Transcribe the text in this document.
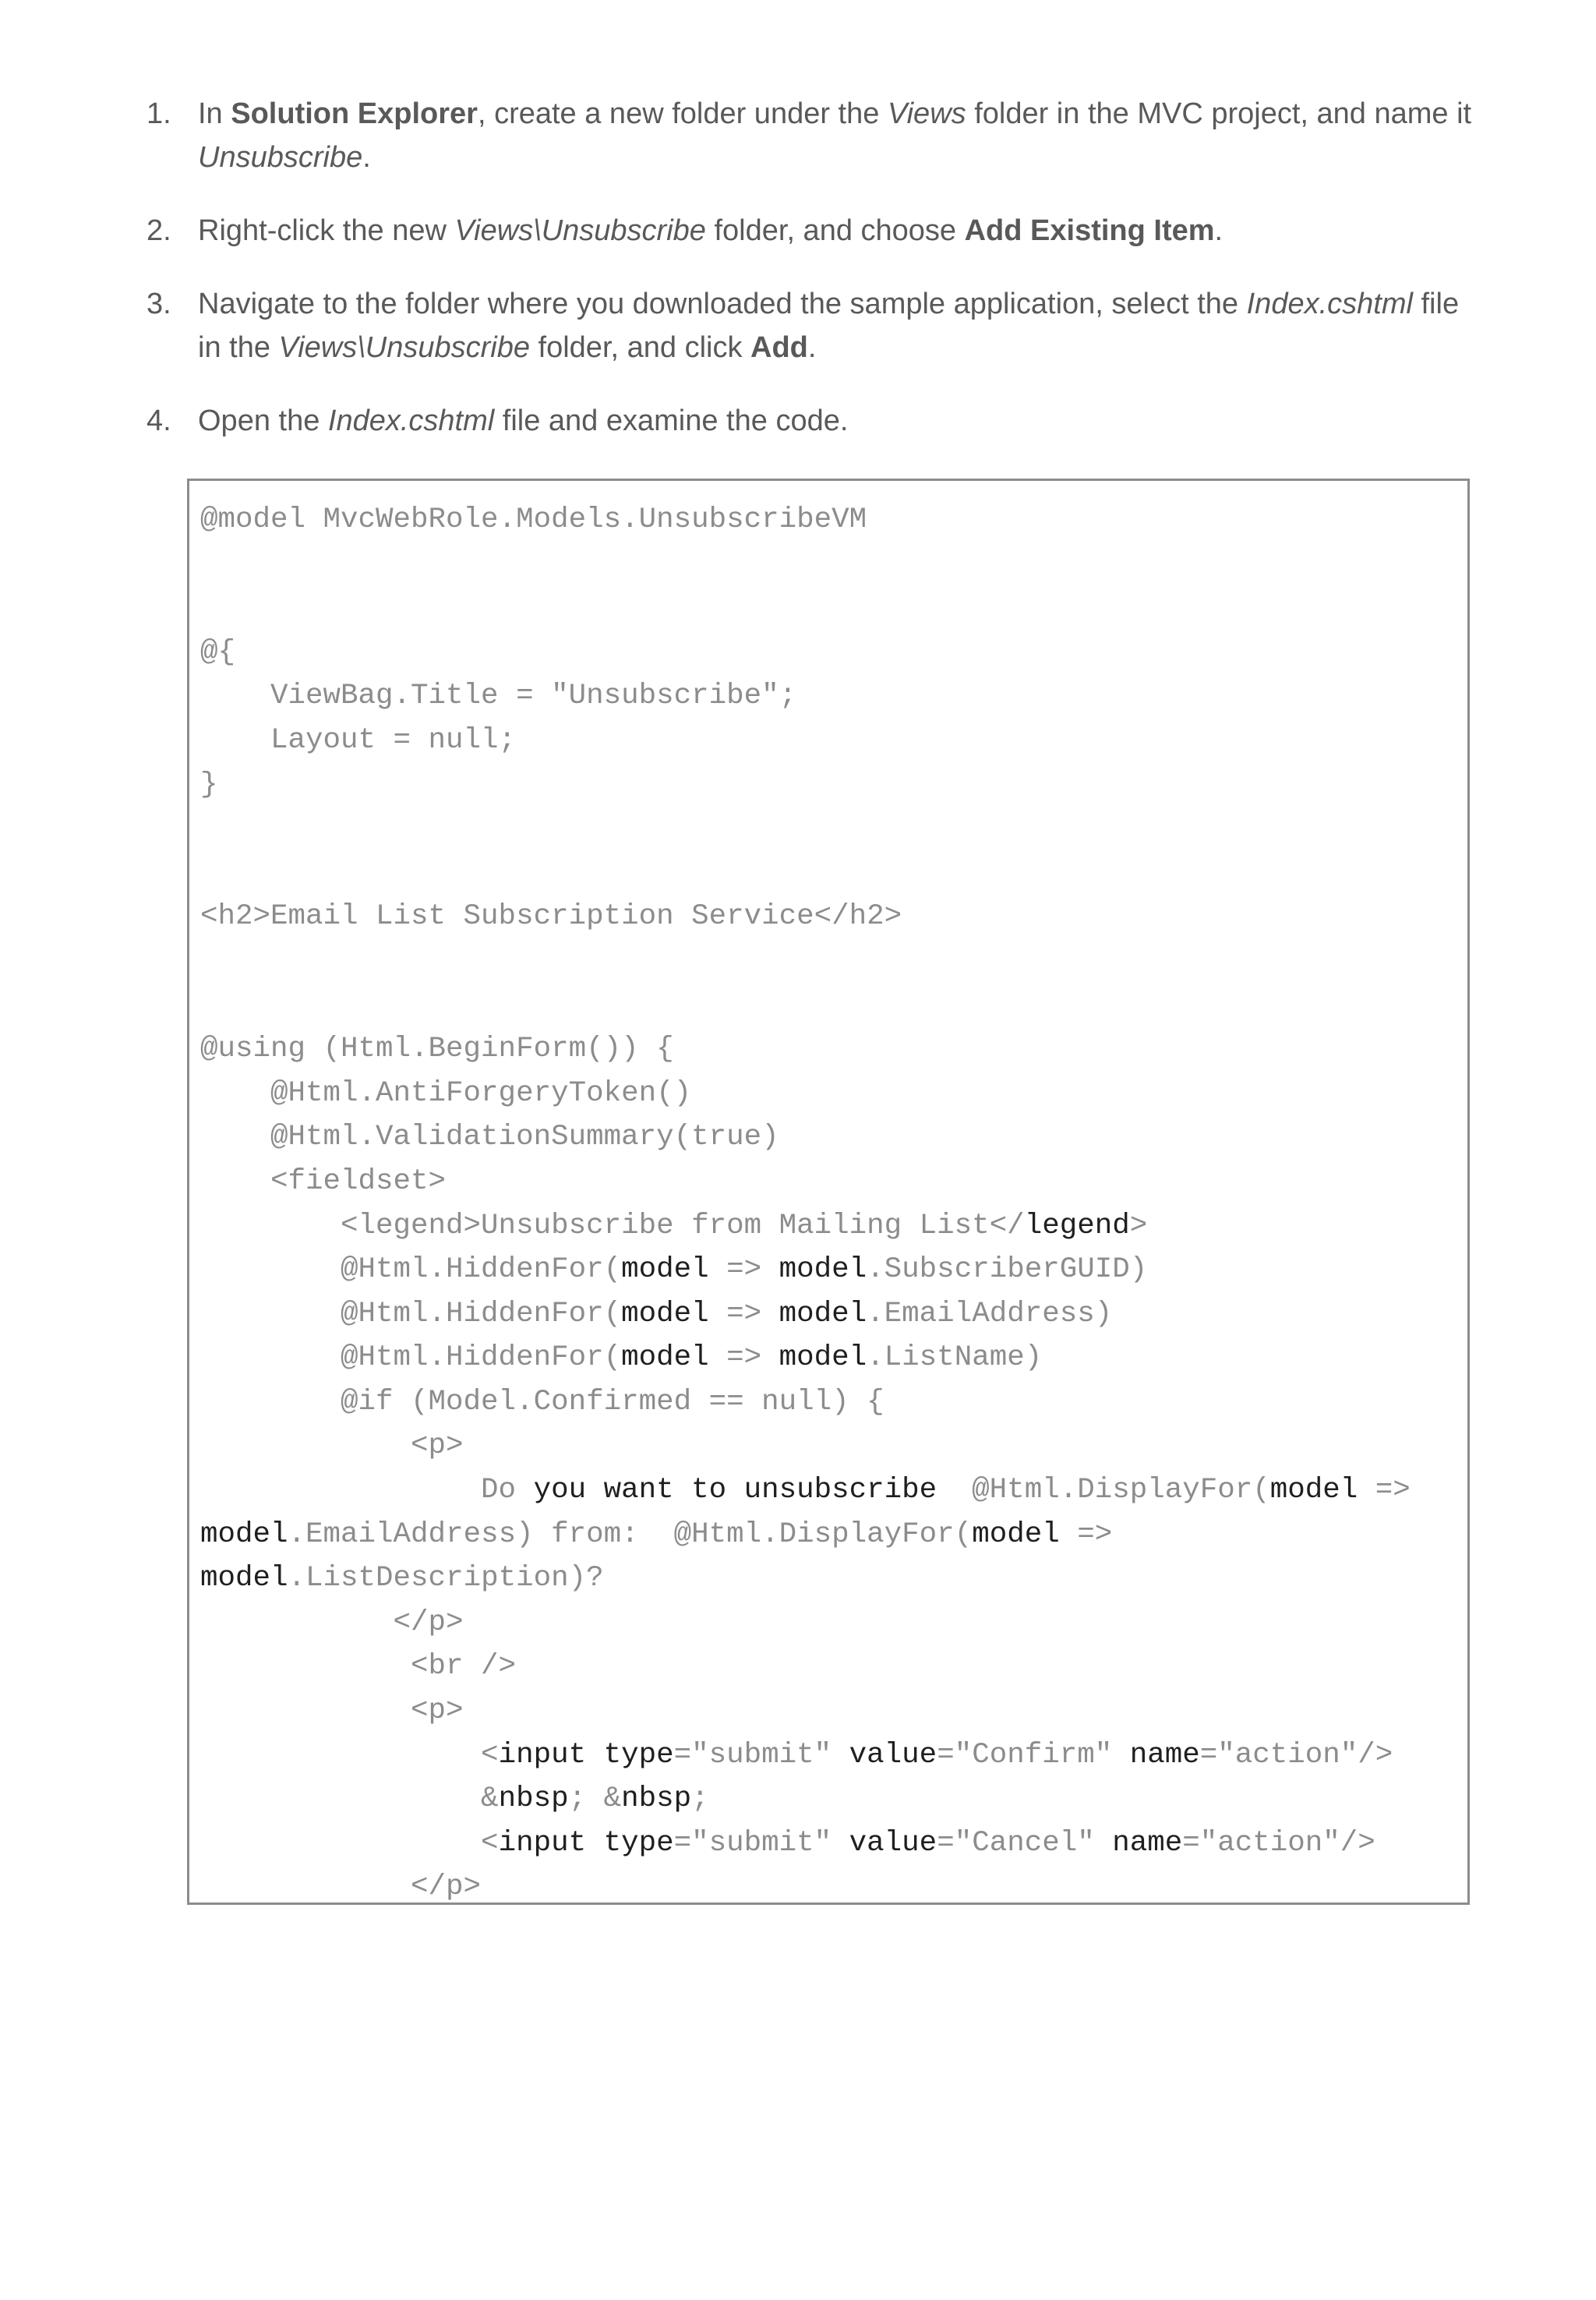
1. In Solution Explorer, create a new folder under the Views folder in the MVC project, and name it Unsubscribe.
2. Right-click the new Views\Unsubscribe folder, and choose Add Existing Item.
3. Navigate to the folder where you downloaded the sample application, select the Index.cshtml file in the Views\Unsubscribe folder, and click Add.
4. Open the Index.cshtml file and examine the code.
@model MvcWebRole.Models.UnsubscribeVM
@{
ViewBag.Title = "Unsubscribe";
Layout = null;
}
<h2>Email List Subscription Service</h2>
@using (Html.BeginForm()) {
@Html.AntiForgeryToken()
@Html.ValidationSummary(true)
<fieldset>
<legend>Unsubscribe from Mailing List</legend>
@Html.HiddenFor(model => model.SubscriberGUID)
@Html.HiddenFor(model => model.EmailAddress)
@Html.HiddenFor(model => model.ListName)
@if (Model.Confirmed == null) {
<p>
Do you want to unsubscribe  @Html.DisplayFor(model =>
model.EmailAddress) from:  @Html.DisplayFor(model =>
model.ListDescription)?
</p>
<br />
<p>
<input type="submit" value="Confirm" name="action"/>
&nbsp; &nbsp;
<input type="submit" value="Cancel" name="action"/>
</p>
